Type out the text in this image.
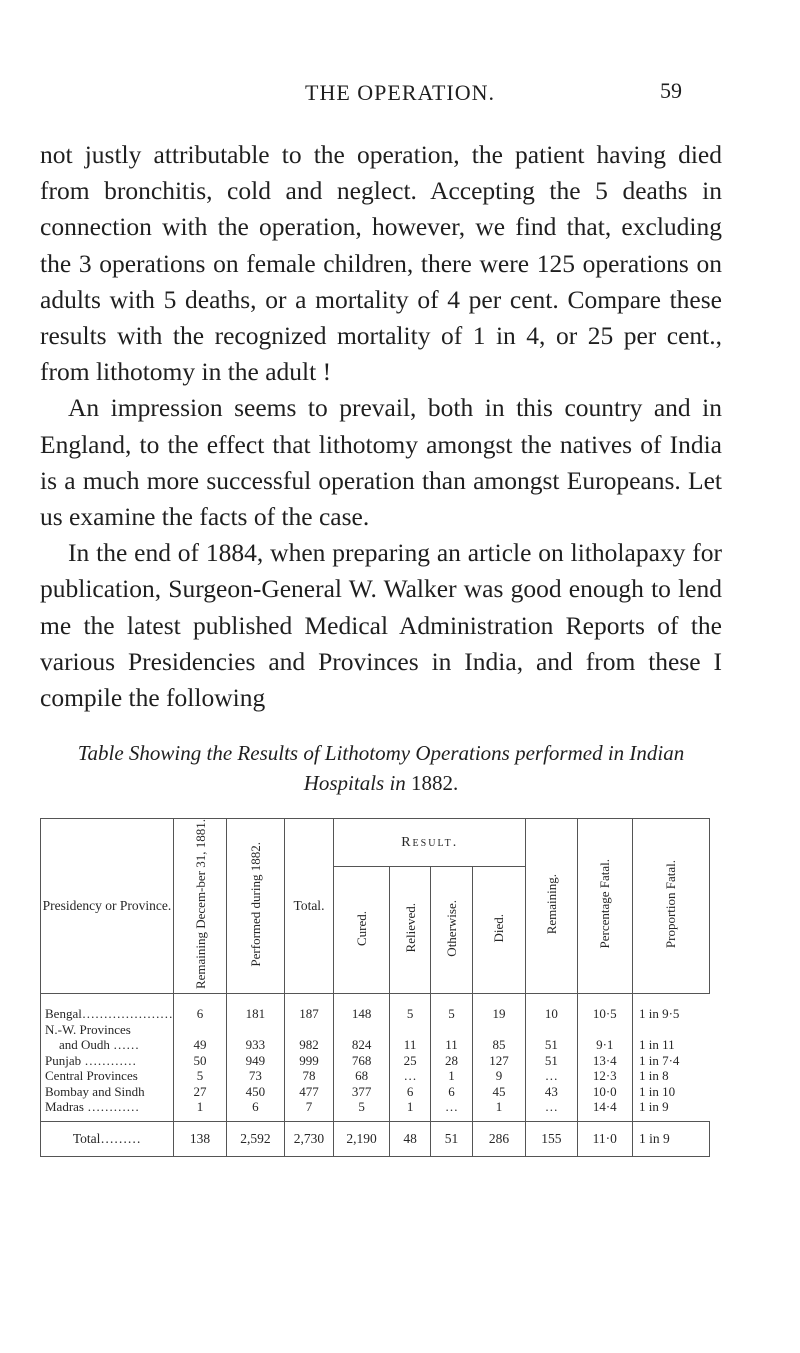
THE OPERATION.	59

not justly attributable to the operation, the patient having died from bronchitis, cold and neglect. Accepting the 5 deaths in connection with the operation, however, we find that, excluding the 3 operations on female children, there were 125 operations on adults with 5 deaths, or a mortality of 4 per cent. Compare these results with the recognized mortality of 1 in 4, or 25 per cent., from lithotomy in the adult !

An impression seems to prevail, both in this country and in England, to the effect that lithotomy amongst the natives of India is a much more successful operation than amongst Europeans. Let us examine the facts of the case.

In the end of 1884, when preparing an article on litholapaxy for publication, Surgeon-General W. Walker was good enough to lend me the latest published Medical Administration Reports of the various Presidencies and Provinces in India, and from these I compile the following

Table Showing the Results of Lithotomy Operations performed in Indian Hospitals in 1882.
Presidency or Province.	Remaining Decem-ber 31, 1881.	Performed during 1882.	Total.	Result.				Remaining.	Percentage Fatal.	Proportion Fatal.
				Cured.	Relieved.	Otherwise.	Died.			
Bengal…………………	6	181	187	148	5	5	19	10	10·5	1 in 9·5

N.-W. Provinces
and Oudh ……	49	933	982	824	11	11	85	51	9·1	1 in 11
Punjab …………	50	949	999	768	25	28	127	51	13·4	1 in 7·4
Central Provinces	5	73	78	68	…	1	9	…	12·3	1 in 8
Bombay and Sindh	27	450	477	377	6	6	45	43	10·0	1 in 10
Madras …………	1	6	7	5	1	…	1	…	14·4	1 in 9
Total………	138	2,592	2,730	2,190	48	51	286	155	11·0	1 in 9
